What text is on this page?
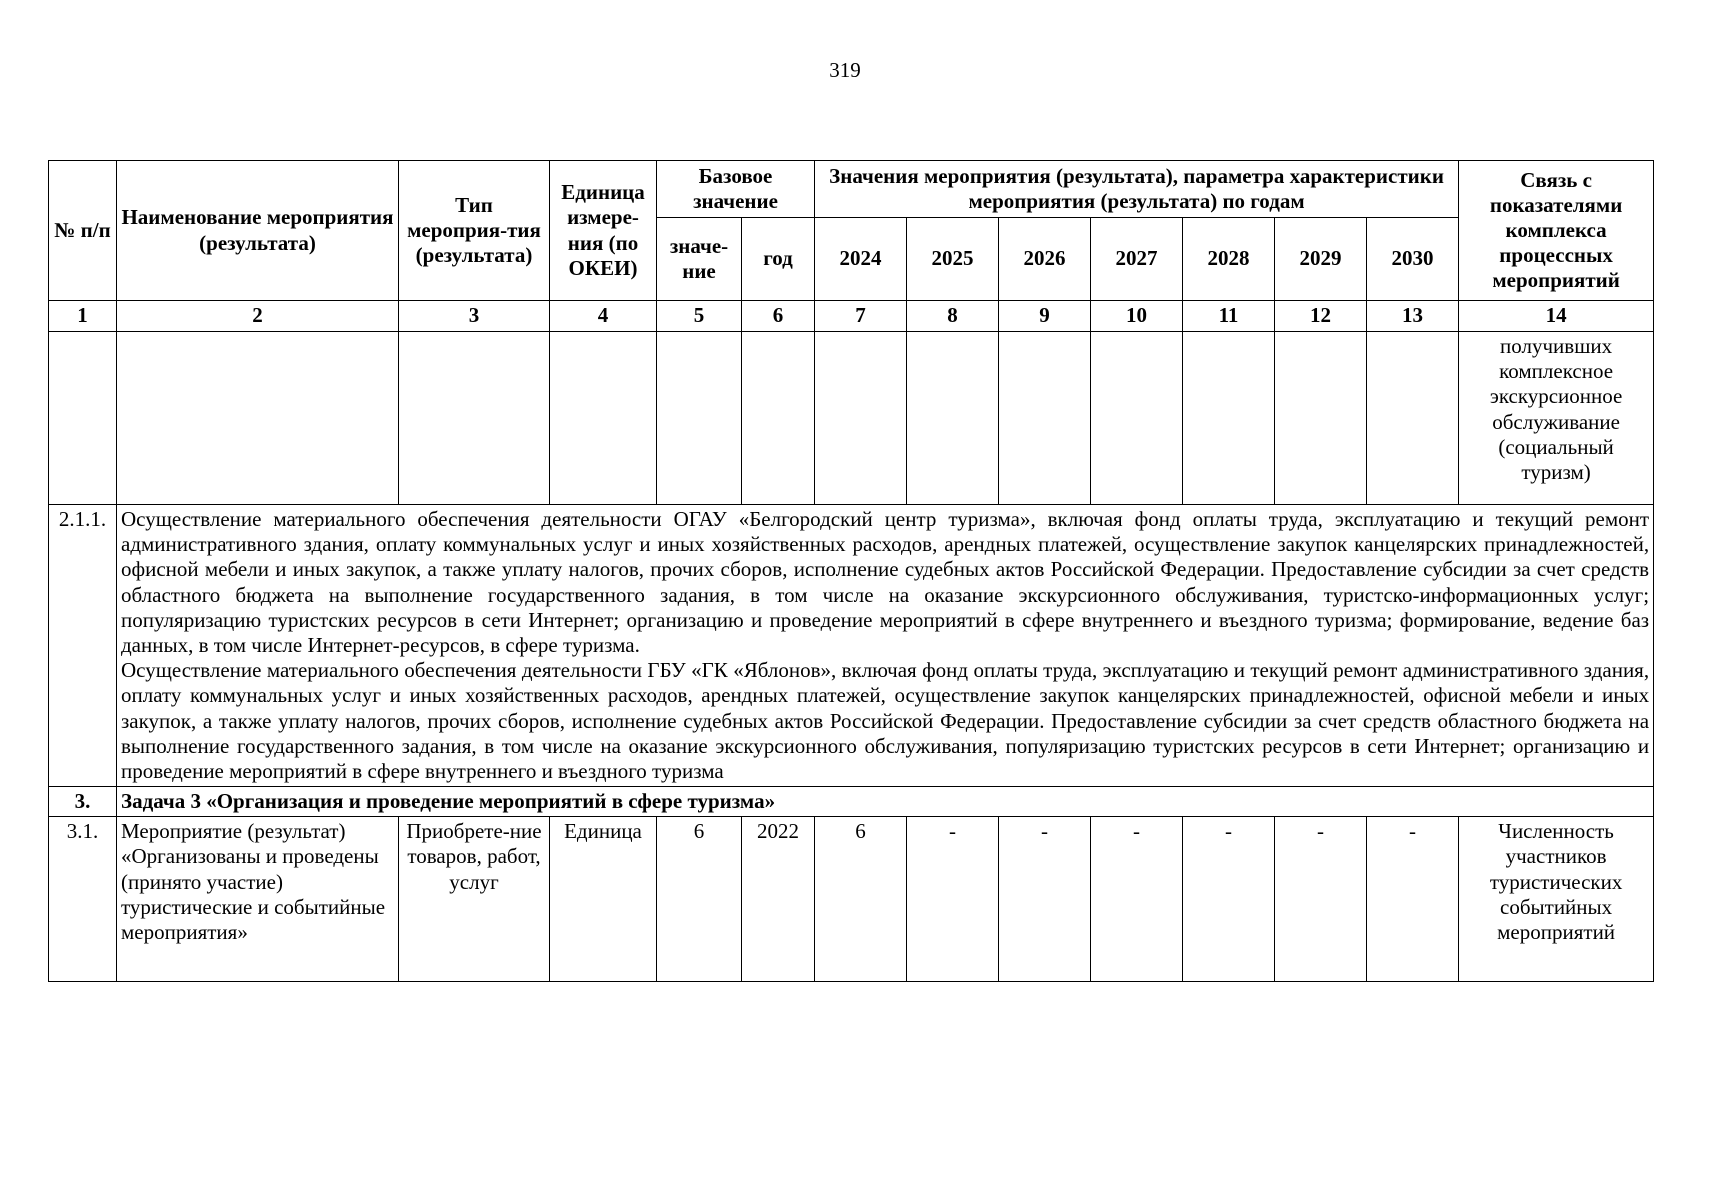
319
№ п/п	Наименование мероприятия (результата)	Тип мероприя-тия (результата)	Единица измере-ния (по ОКЕИ)	Базовое значение		Значения мероприятия (результата), параметра характеристики мероприятия (результата) по годам							Связь с показателями комплекса процессных мероприятий
				значе-ние	год	2024	2025	2026	2027	2028	2029	2030	
1	2	3	4	5	6	7	8	9	10	11	12	13	14
													получивших комплексное экскурсионное обслуживание (социальный туризм)
2.1.1.	Осуществление материального обеспечения деятельности ОГАУ «Белгородский центр туризма», включая фонд оплаты труда, эксплуатацию и текущий ремонт административного здания, оплату коммунальных услуг и иных хозяйственных расходов, арендных платежей, осуществление закупок канцелярских принадлежностей, офисной мебели и иных закупок, а также уплату налогов, прочих сборов, исполнение судебных актов Российской Федерации. Предоставление субсидии за счет средств областного бюджета на выполнение государственного задания, в том числе на оказание экскурсионного обслуживания, туристско-информационных услуг; популяризацию туристских ресурсов в сети Интернет; организацию и проведение мероприятий в сфере внутреннего и въездного туризма; формирование, ведение баз данных, в том числе Интернет-ресурсов, в сфере туризма.

Осуществление материального обеспечения деятельности ГБУ «ГК «Яблонов», включая фонд оплаты труда, эксплуатацию и текущий ремонт административного здания, оплату коммунальных услуг и иных хозяйственных расходов, арендных платежей, осуществление закупок канцелярских принадлежностей, офисной мебели и иных закупок, а также уплату налогов, прочих сборов, исполнение судебных актов Российской Федерации. Предоставление субсидии за счет средств областного бюджета на выполнение государственного задания, в том числе на оказание экскурсионного обслуживания, популяризацию туристских ресурсов в сети Интернет; организацию и проведение мероприятий в сфере внутреннего и въездного туризма												

3.	Задача 3 «Организация и проведение мероприятий в сфере туризма»												
3.1.	Мероприятие (результат) «Организованы и проведены (принято участие) туристические и событийные мероприятия»	Приобрете-ние товаров, работ, услуг	Единица	6	2022	6	-	-	-	-	-	-	Численность участников туристических событийных мероприятий
